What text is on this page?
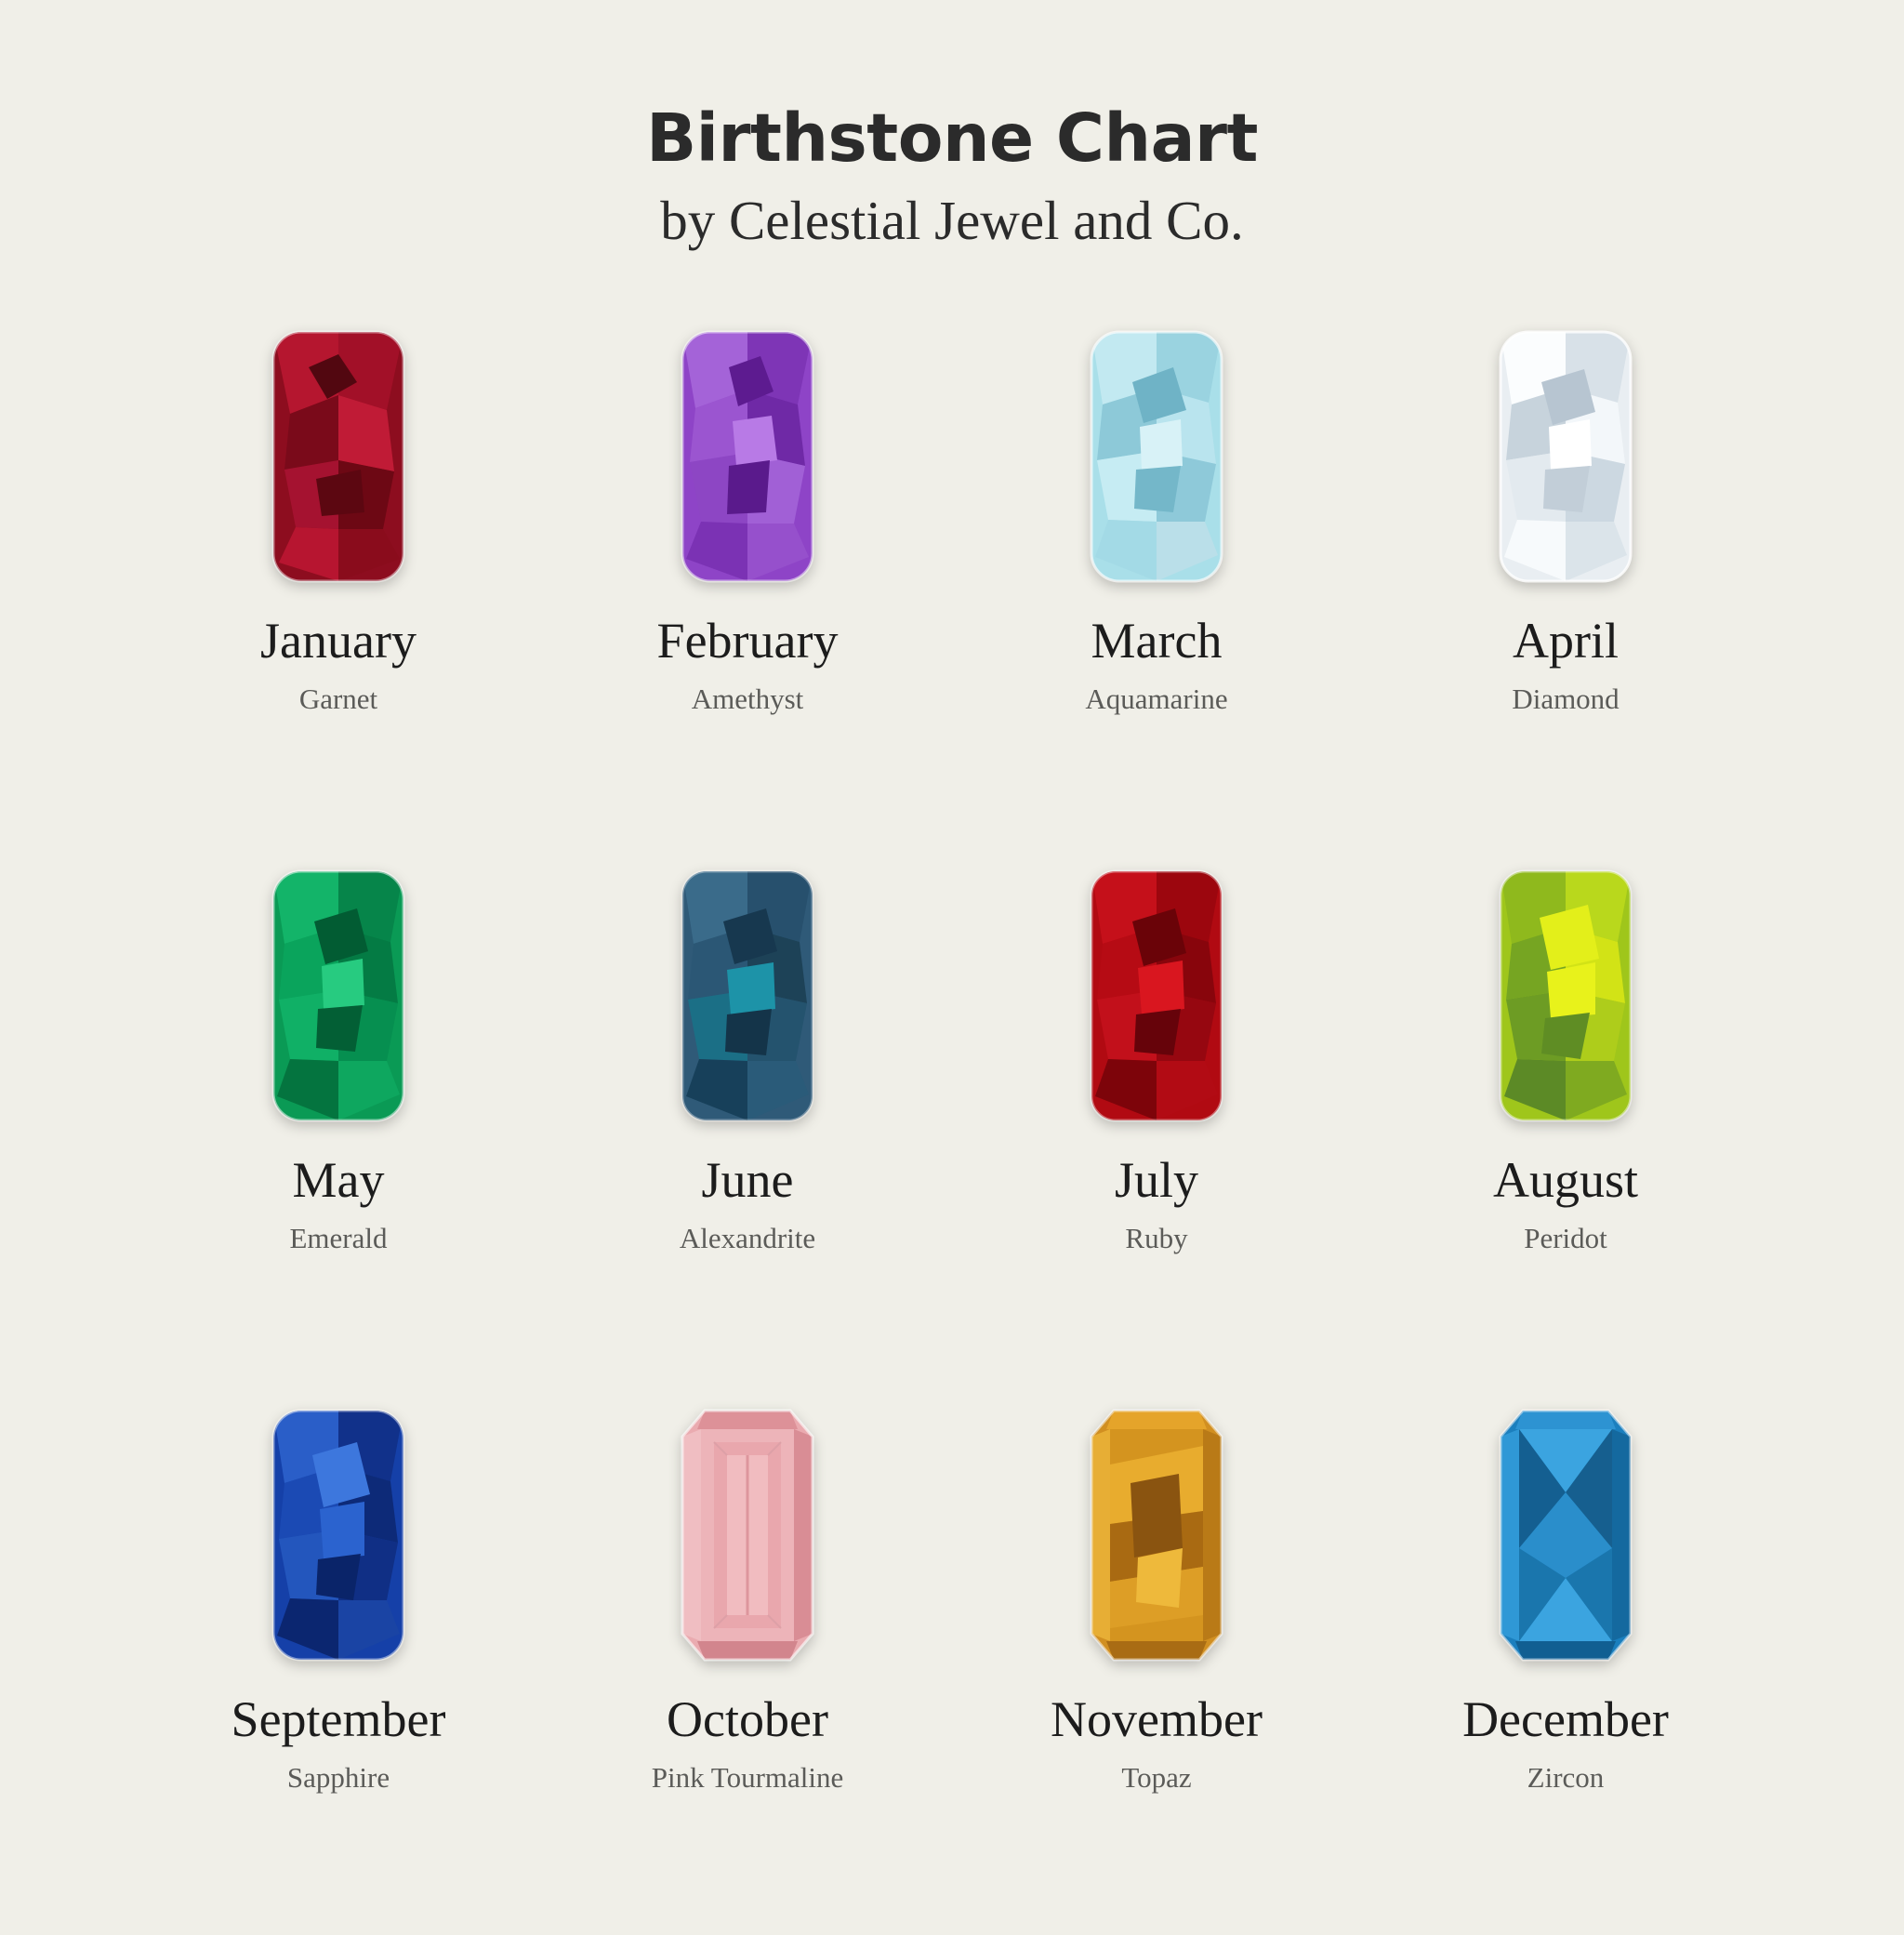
Birthstone Chart
by Celestial Jewel and Co.
January
Garnet
February
Amethyst
March
Aquamarine
April
Diamond
May
Emerald
June
Alexandrite
July
Ruby
August
Peridot
September
Sapphire
October
Pink Tourmaline
November
Topaz
December
Zircon
